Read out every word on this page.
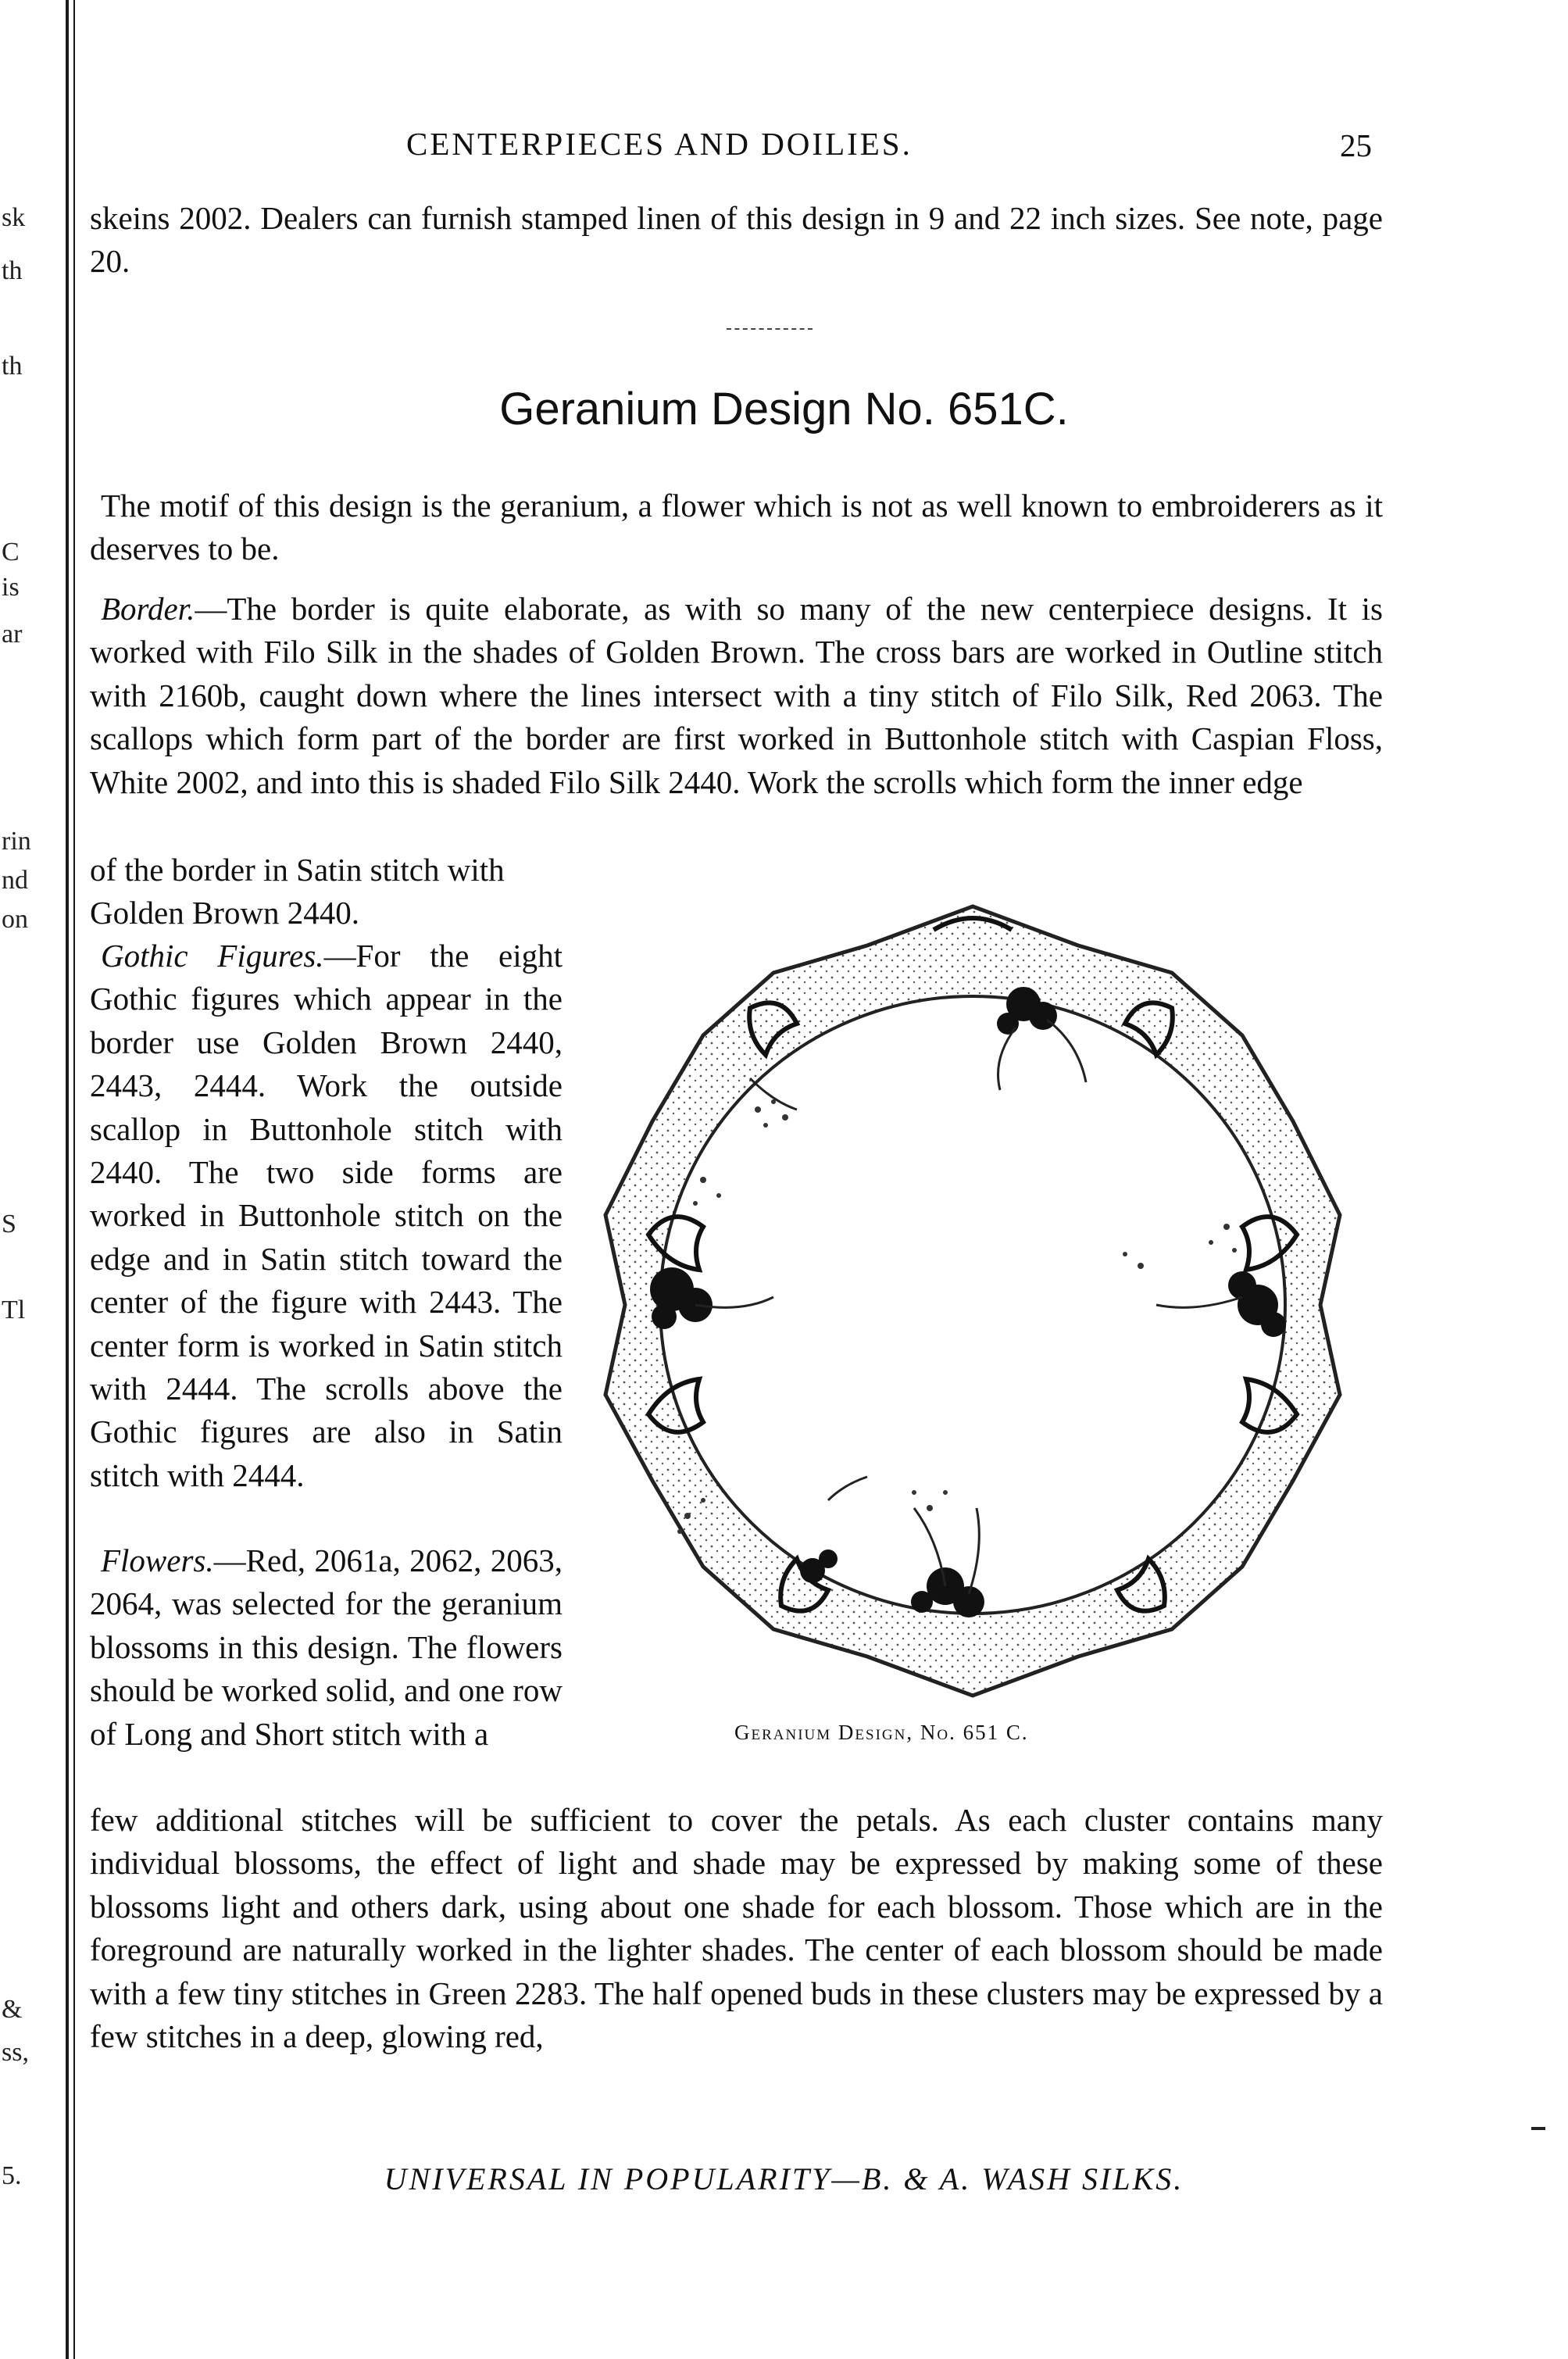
sk
th
th
C
is
ar
rin
nd
on
Tl
S
&
ss,
5.
CENTERPIECES AND DOILIES.	25

skeins 2002. Dealers can furnish stamped linen of this design in 9 and 22 inch sizes. See note, page 20.

Geranium Design No. 651C.

The motif of this design is the geranium, a flower which is not as well known to embroiderers as it deserves to be.

Border.—The border is quite elaborate, as with so many of the new centerpiece designs. It is worked with Filo Silk in the shades of Golden Brown. The cross bars are worked in Outline stitch with 2160b, caught down where the lines intersect with a tiny stitch of Filo Silk, Red 2063. The scallops which form part of the border are first worked in Buttonhole stitch with Caspian Floss, White 2002, and into this is shaded Filo Silk 2440. Work the scrolls which form the inner edge

of the border in Satin stitch with Golden Brown 2440.

Gothic Figures.—For the eight Gothic figures which appear in the border use Golden Brown 2440, 2443, 2444. Work the outside scallop in Buttonhole stitch with 2440. The two side forms are worked in Buttonhole stitch on the edge and in Satin stitch toward the center of the figure with 2443. The center form is worked in Satin stitch with 2444. The scrolls above the Gothic figures are also in Satin stitch with 2444.

Flowers.—Red, 2061a, 2062, 2063, 2064, was selected for the geranium blossoms in this design. The flowers should be worked solid, and one row of Long and Short stitch with a

few additional stitches will be sufficient to cover the petals. As each cluster contains many individual blossoms, the effect of light and shade may be expressed by making some of these blossoms light and others dark, using about one shade for each blossom. Those which are in the foreground are naturally worked in the lighter shades. The center of each blossom should be made with a few tiny stitches in Green 2283. The half opened buds in these clusters may be expressed by a few stitches in a deep, glowing red,

Geranium Design, No. 651 C.
UNIVERSAL IN POPULARITY—B. & A. WASH SILKS.
